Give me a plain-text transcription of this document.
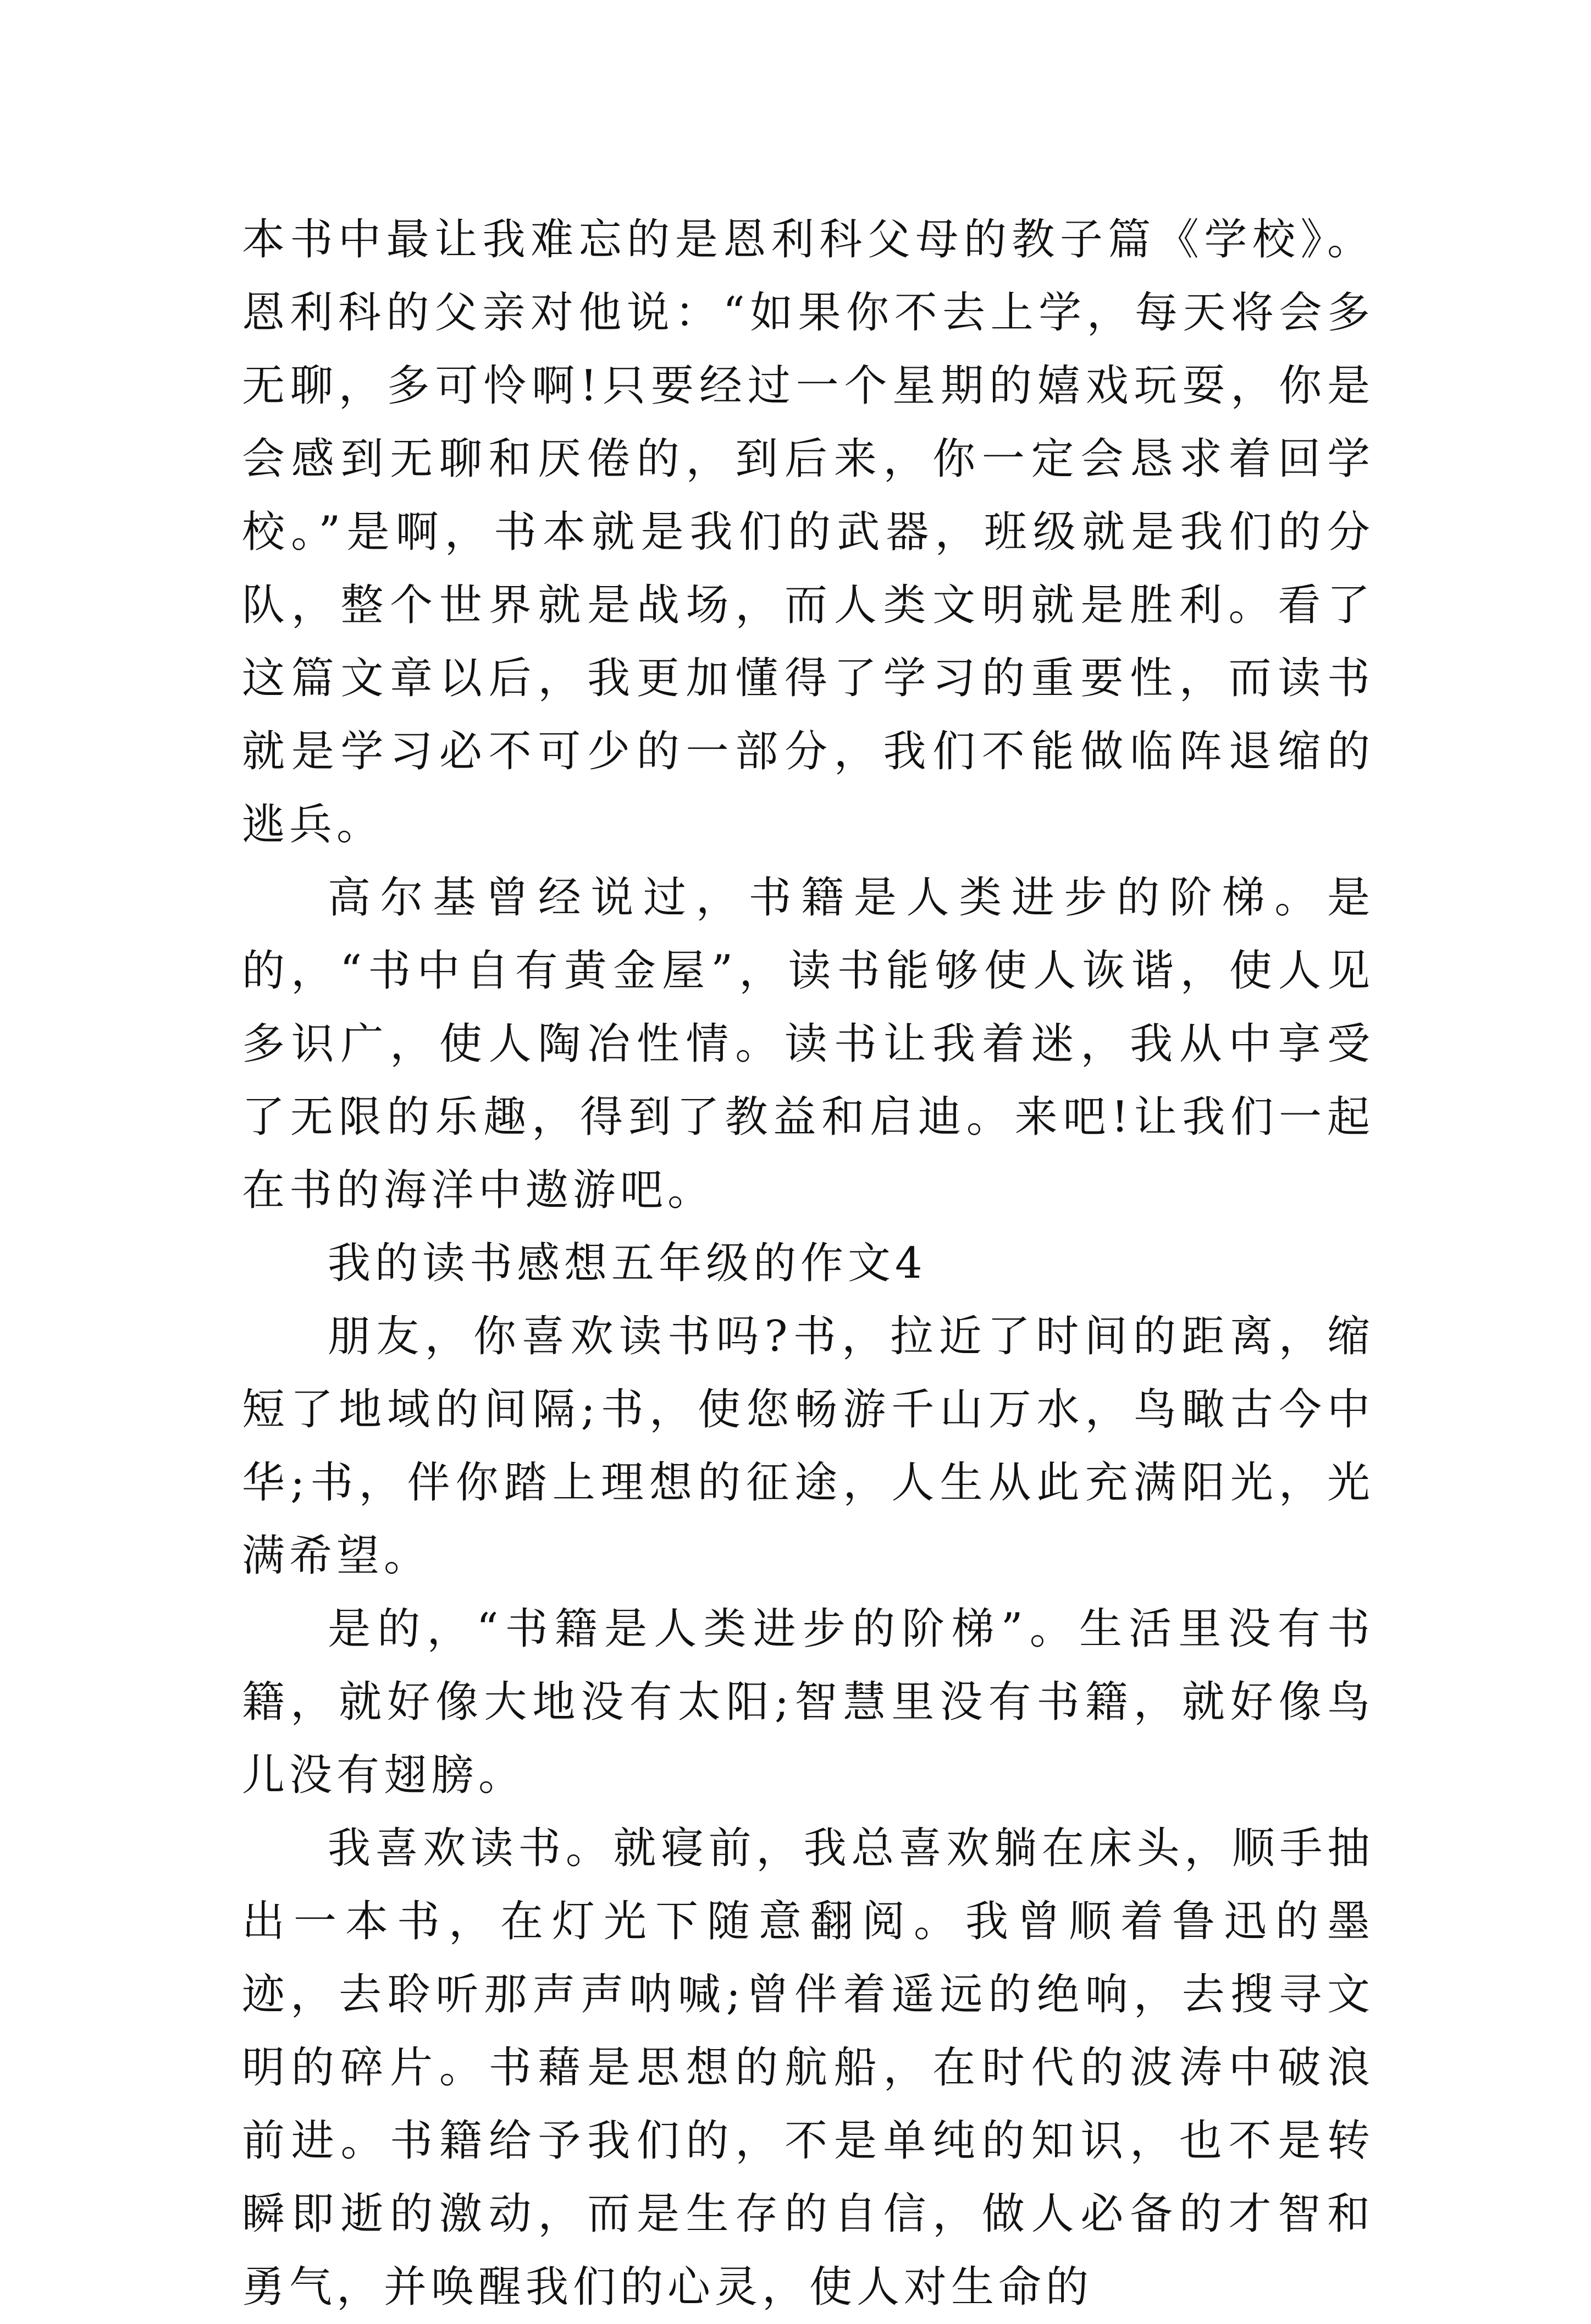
本书中最让我难忘的是恩利科父母的教子篇《学校》。恩利科的父亲对他说：“如果你不去上学，每天将会多无聊，多可怜啊!只要经过一个星期的嬉戏玩耍，你是会感到无聊和厌倦的，到后来，你一定会恳求着回学校。”是啊，书本就是我们的武器，班级就是我们的分队，整个世界就是战场，而人类文明就是胜利。看了这篇文章以后，我更加懂得了学习的重要性，而读书就是学习必不可少的一部分，我们不能做临阵退缩的逃兵。

高尔基曾经说过，书籍是人类进步的阶梯。是的，“书中自有黄金屋”，读书能够使人诙谐，使人见多识广，使人陶冶性情。读书让我着迷，我从中享受了无限的乐趣，得到了教益和启迪。来吧!让我们一起在书的海洋中遨游吧。

我的读书感想五年级的作文4

朋友，你喜欢读书吗?书，拉近了时间的距离，缩短了地域的间隔;书，使您畅游千山万水，鸟瞰古今中华;书，伴你踏上理想的征途，人生从此充满阳光，光满希望。

是的，“书籍是人类进步的阶梯”。生活里没有书籍，就好像大地没有太阳;智慧里没有书籍，就好像鸟儿没有翅膀。

我喜欢读书。就寝前，我总喜欢躺在床头，顺手抽出一本书，在灯光下随意翻阅。我曾顺着鲁迅的墨迹，去聆听那声声呐喊;曾伴着遥远的绝响，去搜寻文明的碎片。书藉是思想的航船，在时代的波涛中破浪前进。书籍给予我们的，不是单纯的知识，也不是转瞬即逝的激动，而是生存的自信，做人必备的才智和勇气，并唤醒我们的心灵，使人对生命的
